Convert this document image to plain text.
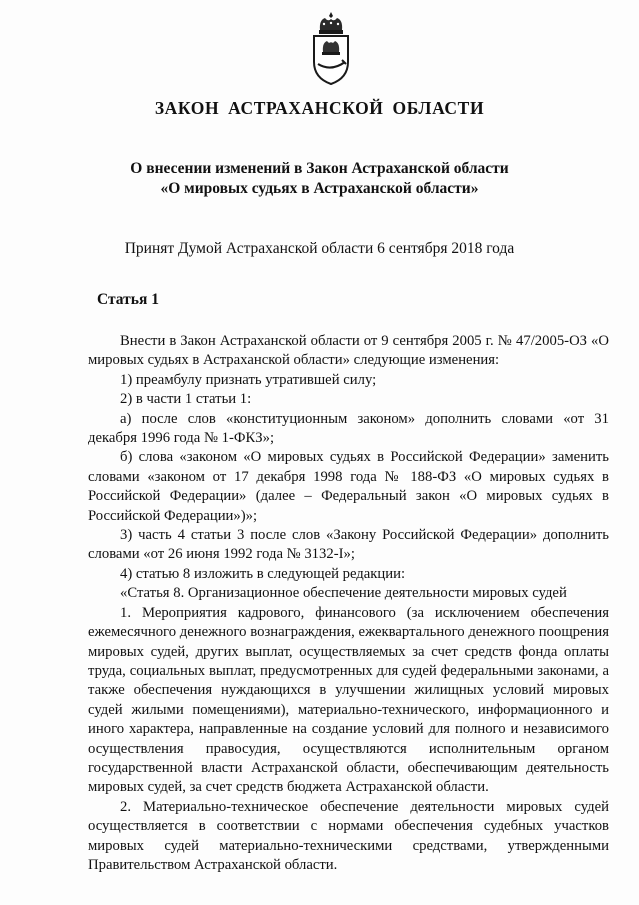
ЗАКОН АСТРАХАНСКОЙ ОБЛАСТИ
О внесении изменений в Закон Астраханской области
«О мировых судьях в Астраханской области»
Принят Думой Астраханской области 6 сентября 2018 года
Статья 1

Внести в Закон Астраханской области от 9 сентября 2005 г. № 47/2005-ОЗ «О мировых судьях в Астраханской области» следующие изменения:

1) преамбулу признать утратившей силу;

2) в части 1 статьи 1:

а) после слов «конституционным законом» дополнить словами «от 31 декабря 1996 года № 1-ФКЗ»;

б) слова «законом «О мировых судьях в Российской Федерации» заменить словами «законом от 17 декабря 1998 года № 188-ФЗ «О мировых судьях в Российской Федерации» (далее – Федеральный закон «О мировых судьях в Российской Федерации»)»;

3) часть 4 статьи 3 после слов «Закону Российской Федерации» дополнить словами «от 26 июня 1992 года № 3132-I»;

4) статью 8 изложить в следующей редакции:

«Статья 8. Организационное обеспечение деятельности мировых судей

1. Мероприятия кадрового, финансового (за исключением обеспечения ежемесячного денежного вознаграждения, ежеквартального денежного поощрения мировых судей, других выплат, осуществляемых за счет средств фонда оплаты труда, социальных выплат, предусмотренных для судей федеральными законами, а также обеспечения нуждающихся в улучшении жилищных условий мировых судей жилыми помещениями), материально-технического, информационного и иного характера, направленные на создание условий для полного и независимого осуществления правосудия, осуществляются исполнительным органом государственной власти Астраханской области, обеспечивающим деятельность мировых судей, за счет средств бюджета Астраханской области.

2. Материально-техническое обеспечение деятельности мировых судей осуществляется в соответствии с нормами обеспечения судебных участков мировых судей материально-техническими средствами, утвержденными Правительством Астраханской области.
